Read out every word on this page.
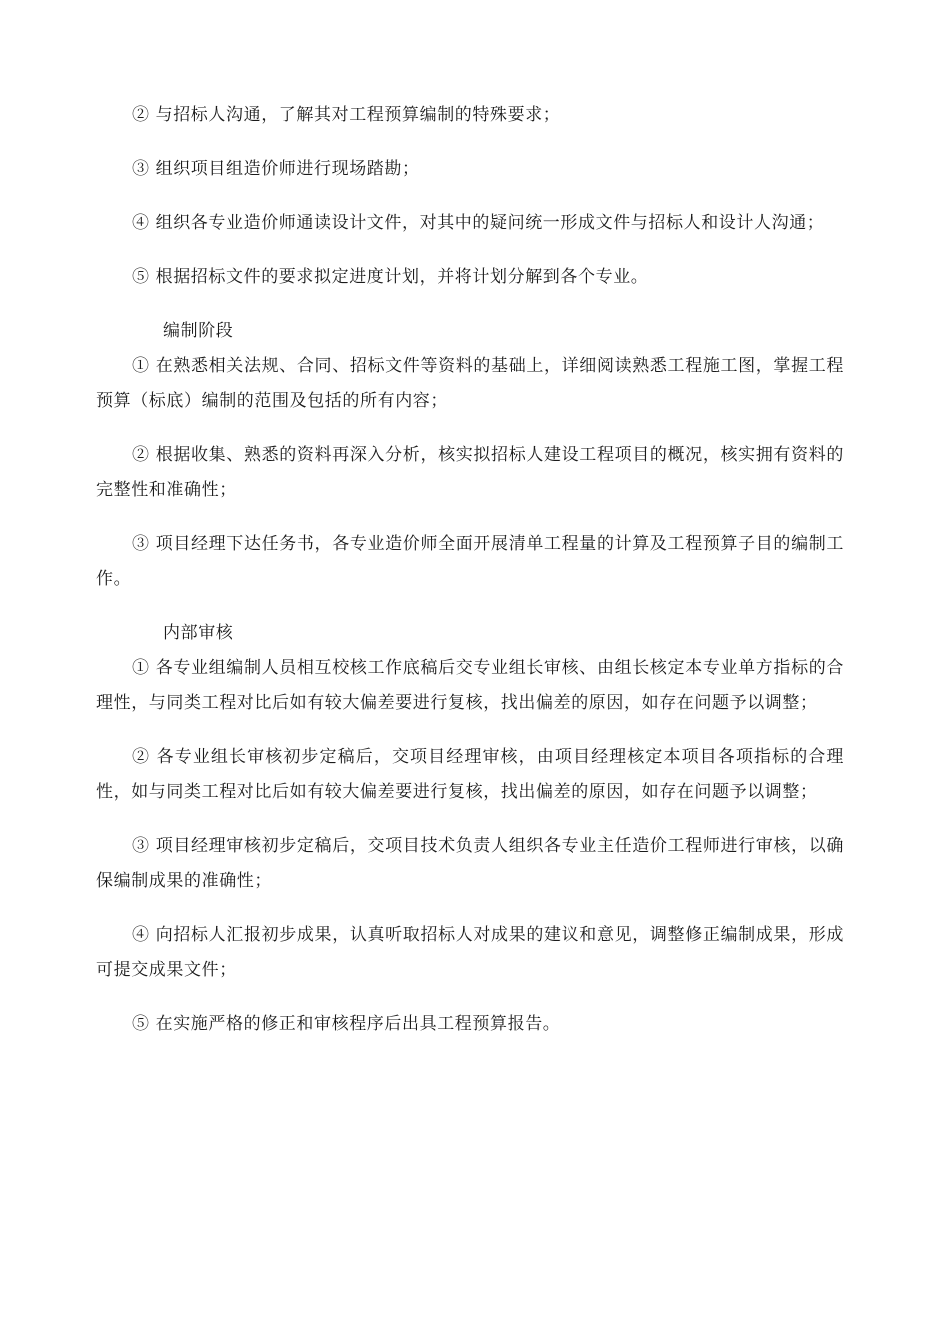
② 与招标人沟通，了解其对工程预算编制的特殊要求；

③ 组织项目组造价师进行现场踏勘；

④ 组织各专业造价师通读设计文件，对其中的疑问统一形成文件与招标人和设计人沟通；

⑤ 根据招标文件的要求拟定进度计划，并将计划分解到各个专业。

编制阶段

① 在熟悉相关法规、合同、招标文件等资料的基础上，详细阅读熟悉工程施工图，掌握工程预算（标底）编制的范围及包括的所有内容；

② 根据收集、熟悉的资料再深入分析，核实拟招标人建设工程项目的概况，核实拥有资料的完整性和准确性；

③ 项目经理下达任务书，各专业造价师全面开展清单工程量的计算及工程预算子目的编制工作。

内部审核

① 各专业组编制人员相互校核工作底稿后交专业组长审核、由组长核定本专业单方指标的合理性，与同类工程对比后如有较大偏差要进行复核，找出偏差的原因，如存在问题予以调整；

② 各专业组长审核初步定稿后，交项目经理审核，由项目经理核定本项目各项指标的合理性，如与同类工程对比后如有较大偏差要进行复核，找出偏差的原因，如存在问题予以调整；

③ 项目经理审核初步定稿后，交项目技术负责人组织各专业主任造价工程师进行审核，以确保编制成果的准确性；

④ 向招标人汇报初步成果，认真听取招标人对成果的建议和意见，调整修正编制成果，形成可提交成果文件；

⑤ 在实施严格的修正和审核程序后出具工程预算报告。
